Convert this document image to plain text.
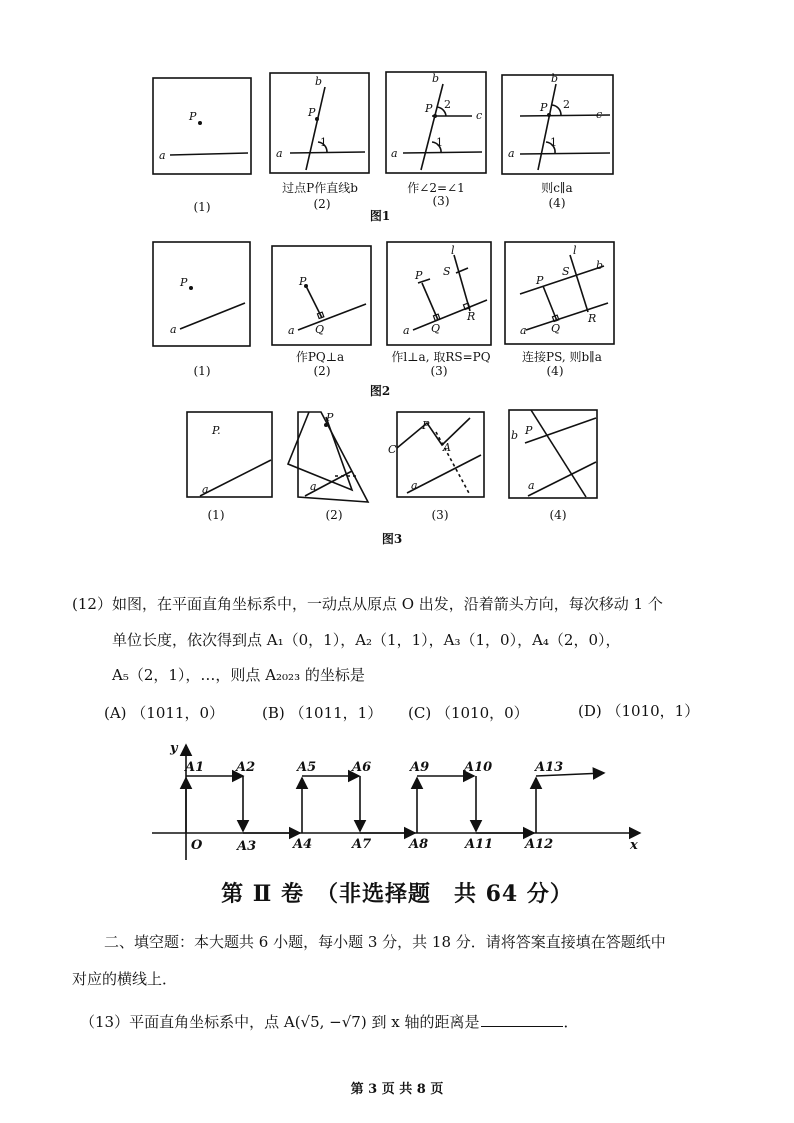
P
a
b
P
a
1
b
P 2
c
a
1
b
P 2
c
a
1
P
a
P
a Q
P
l
S
a Q
R
P
l
S b
a Q
R
P.
a
P
a
P
C	A
a
b P
a
过点P作直线b	作∠2=∠1	则c∥a
(1)	(2)	(3)	(4)
图1
作PQ⊥a	作l⊥a, 取RS=PQ	连接PS, 则b∥a
(1)	(2)	(3)	(4)
图2
(1)	(2)	(3)	(4)
图3
(12）如图，在平面直角坐标系中，一动点从原点 O 出发，沿着箭头方向，每次移动 1 个
单位长度，依次得到点 A₁（0，1），A₂（1，1），A₃（1，0），A₄（2，0），
A₅（2，1），…，则点 A₂₀₂₃ 的坐标是
(A) （1011，0）	(B) （1011，1） (C) （1010，0）	(D) （1010，1）
y
x
O
A1 A2	A5	A6	A9	A10	A13
A3	A4	A7	A8	A11 A12
第 Ⅱ 卷　（非选择题　共 64 分）
二、填空题：本大题共 6 小题，每小题 3 分，共 18 分．请将答案直接填在答题纸中
对应的横线上．
（13）平面直角坐标系中，点 A(√5, −√7) 到 x 轴的距离是	．
第 3 页 共 8 页
